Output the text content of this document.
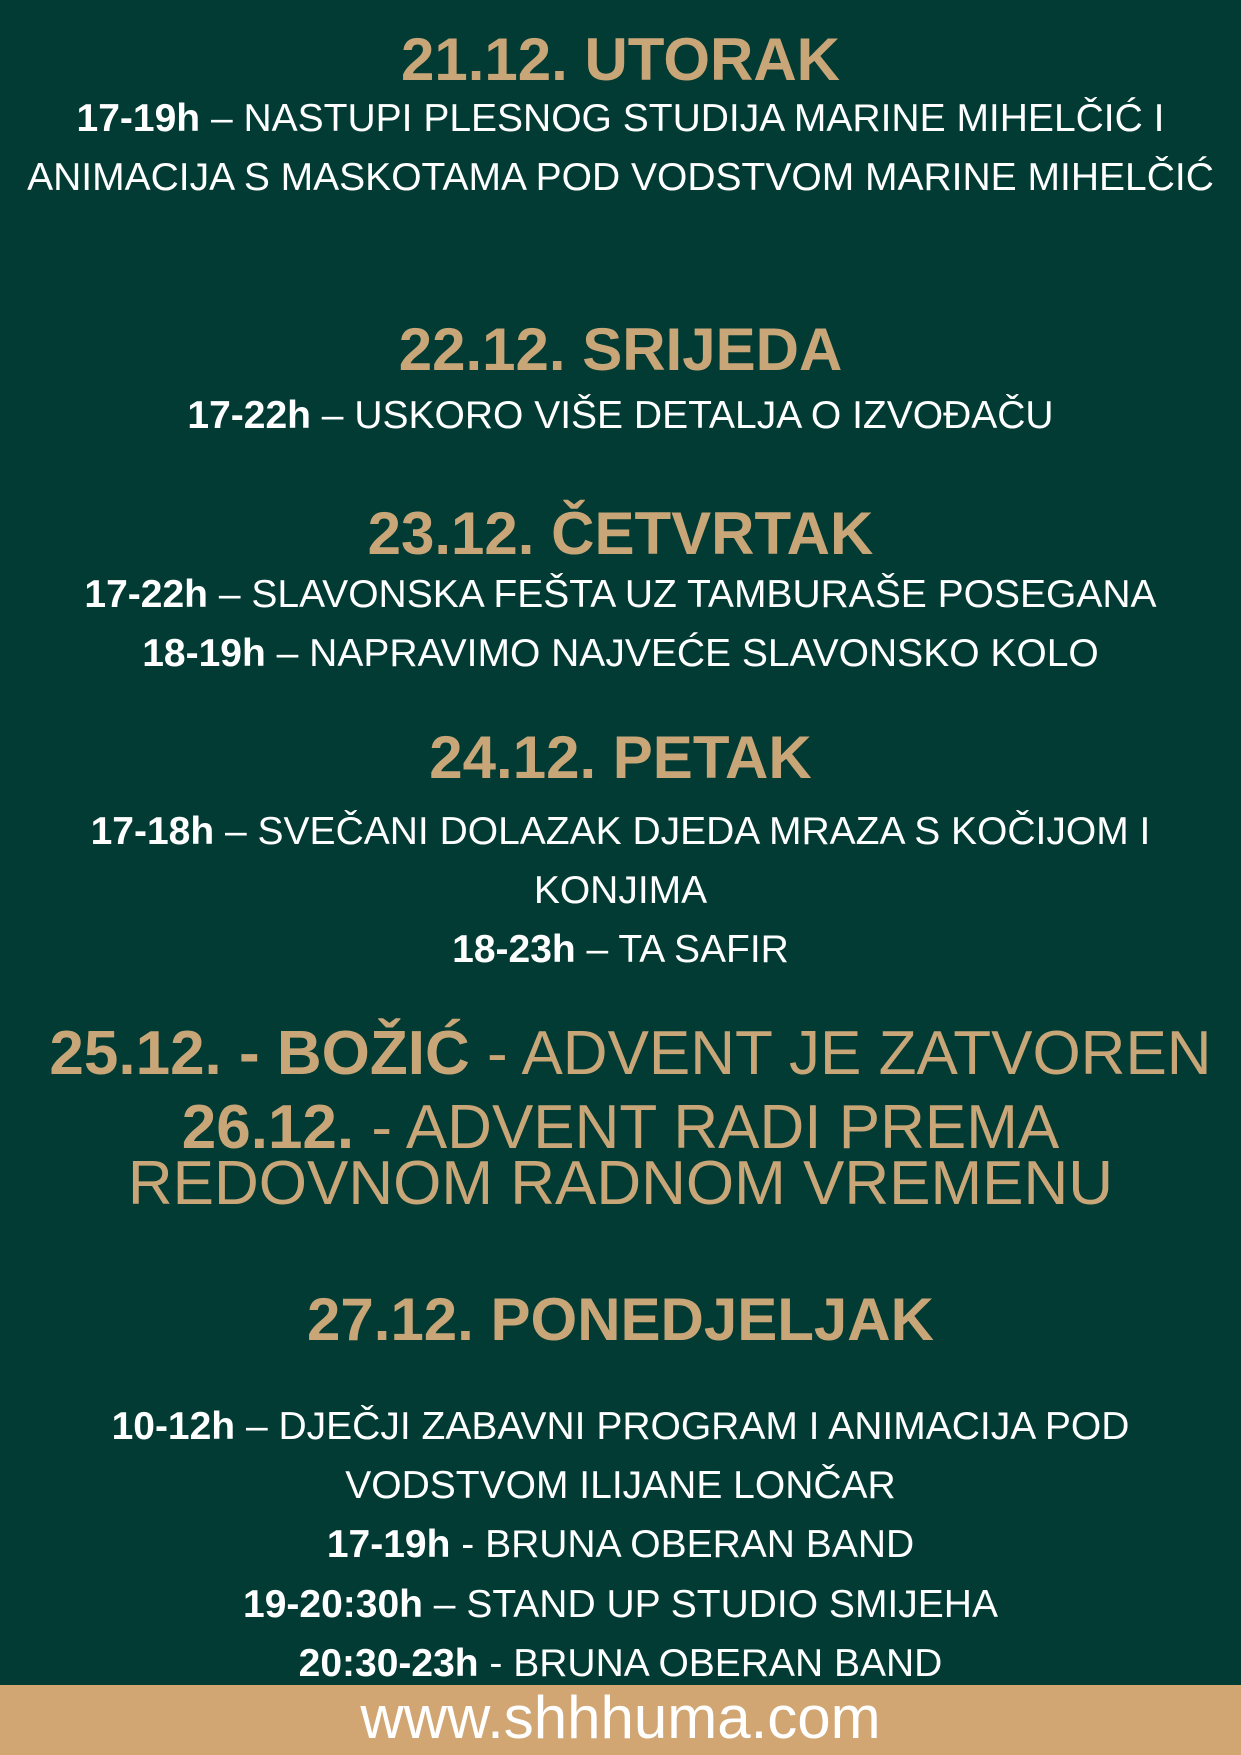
21.12. UTORAK
17-19h – NASTUPI PLESNOG STUDIJA MARINE MIHELČIĆ I ANIMACIJA S MASKOTAMA POD VODSTVOM MARINE MIHELČIĆ
22.12. SRIJEDA
17-22h – USKORO VIŠE DETALJA O IZVOĐAČU
23.12. ČETVRTAK
17-22h – SLAVONSKA FEŠTA UZ TAMBURAŠE POSEGANA
18-19h – NAPRAVIMO NAJVEĆE SLAVONSKO KOLO
24.12. PETAK
17-18h – SVEČANI DOLAZAK DJEDA MRAZA S KOČIJOM I KONJIMA
18-23h – TA SAFIR
25.12. - BOŽIĆ - ADVENT JE ZATVOREN
26.12. - ADVENT RADI PREMA REDOVNOM RADNOM VREMENU
27.12. PONEDJELJAK
10-12h – DJEČJI ZABAVNI PROGRAM I ANIMACIJA POD VODSTVOM ILIJANE LONČAR
17-19h - BRUNA OBERAN BAND
19-20:30h – STAND UP STUDIO SMIJEHA
20:30-23h - BRUNA OBERAN BAND
www.shhhuma.com
